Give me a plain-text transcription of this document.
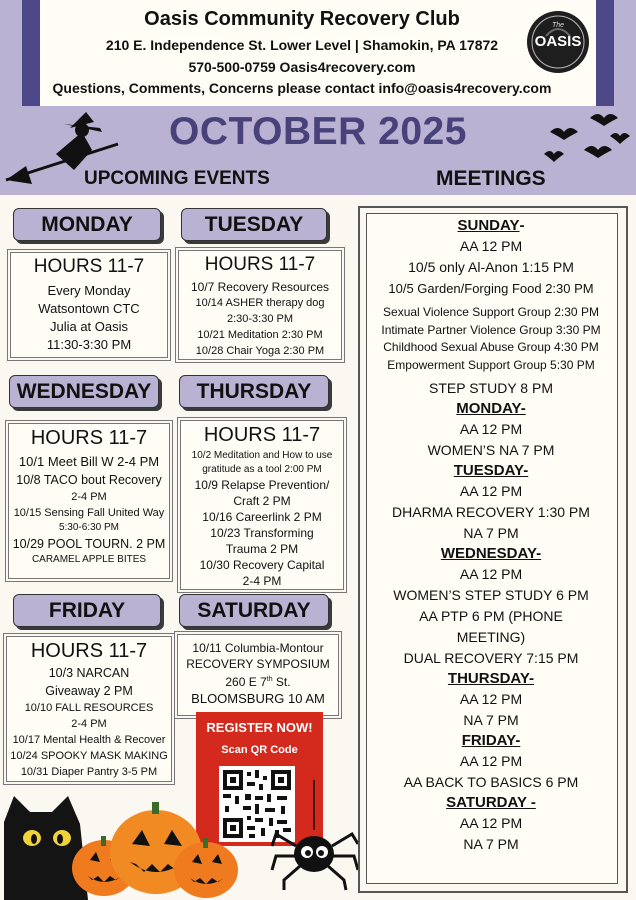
Oasis Community Recovery Club
210 E. Independence St. Lower Level | Shamokin, PA 17872
570-500-0759 Oasis4recovery.com
Questions, Comments, Concerns please contact info@oasis4recovery.com
The
OASIS
OCTOBER 2025
UPCOMING EVENTS	MEETINGS
MONDAY
HOURS 11-7
Every Monday
Watsontown CTC
Julia at Oasis
11:30-3:30 PM
TUESDAY
HOURS 11-7
10/7 Recovery Resources
10/14 ASHER therapy dog
2:30-3:30 PM
10/21 Meditation 2:30 PM
10/28 Chair Yoga 2:30 PM
WEDNESDAY
HOURS 11-7
10/1 Meet Bill W 2-4 PM
10/8 TACO bout Recovery
2-4 PM
10/15 Sensing Fall United Way
5:30-6:30 PM
10/29 POOL TOURN. 2 PM
CARAMEL APPLE BITES
THURSDAY
HOURS 11-7
10/2 Meditation and How to use
gratitude as a tool 2:00 PM
10/9 Relapse Prevention/
Craft 2 PM
10/16 Careerlink 2 PM
10/23 Transforming
Trauma 2 PM
10/30 Recovery Capital
2-4 PM
FRIDAY
HOURS 11-7
10/3 NARCAN
Giveaway 2 PM
10/10 FALL RESOURCES
2-4 PM
10/17 Mental Health & Recover
10/24 SPOOKY MASK MAKING
10/31 Diaper Pantry 3-5 PM
SATURDAY
10/11 Columbia-Montour
RECOVERY SYMPOSIUM
260 E 7th St.
BLOOMSBURG 10 AM
REGISTER NOW!
Scan QR Code
SUNDAY-
AA 12 PM
10/5 only Al-Anon 1:15 PM
10/5 Garden/Forging Food 2:30 PM
Sexual Violence Support Group 2:30 PM
Intimate Partner Violence Group 3:30 PM
Childhood Sexual Abuse Group 4:30 PM
Empowerment Support Group 5:30 PM
STEP STUDY 8 PM
MONDAY-
AA 12 PM
WOMEN’S NA 7 PM
TUESDAY-
AA 12 PM
DHARMA RECOVERY 1:30 PM
NA 7 PM
WEDNESDAY-
AA 12 PM
WOMEN’S STEP STUDY 6 PM
AA PTP 6 PM (PHONE
MEETING)
DUAL RECOVERY 7:15 PM
THURSDAY-
AA 12 PM
NA 7 PM
FRIDAY-
AA 12 PM
AA BACK TO BASICS 6 PM
SATURDAY -
AA 12 PM
NA 7 PM
